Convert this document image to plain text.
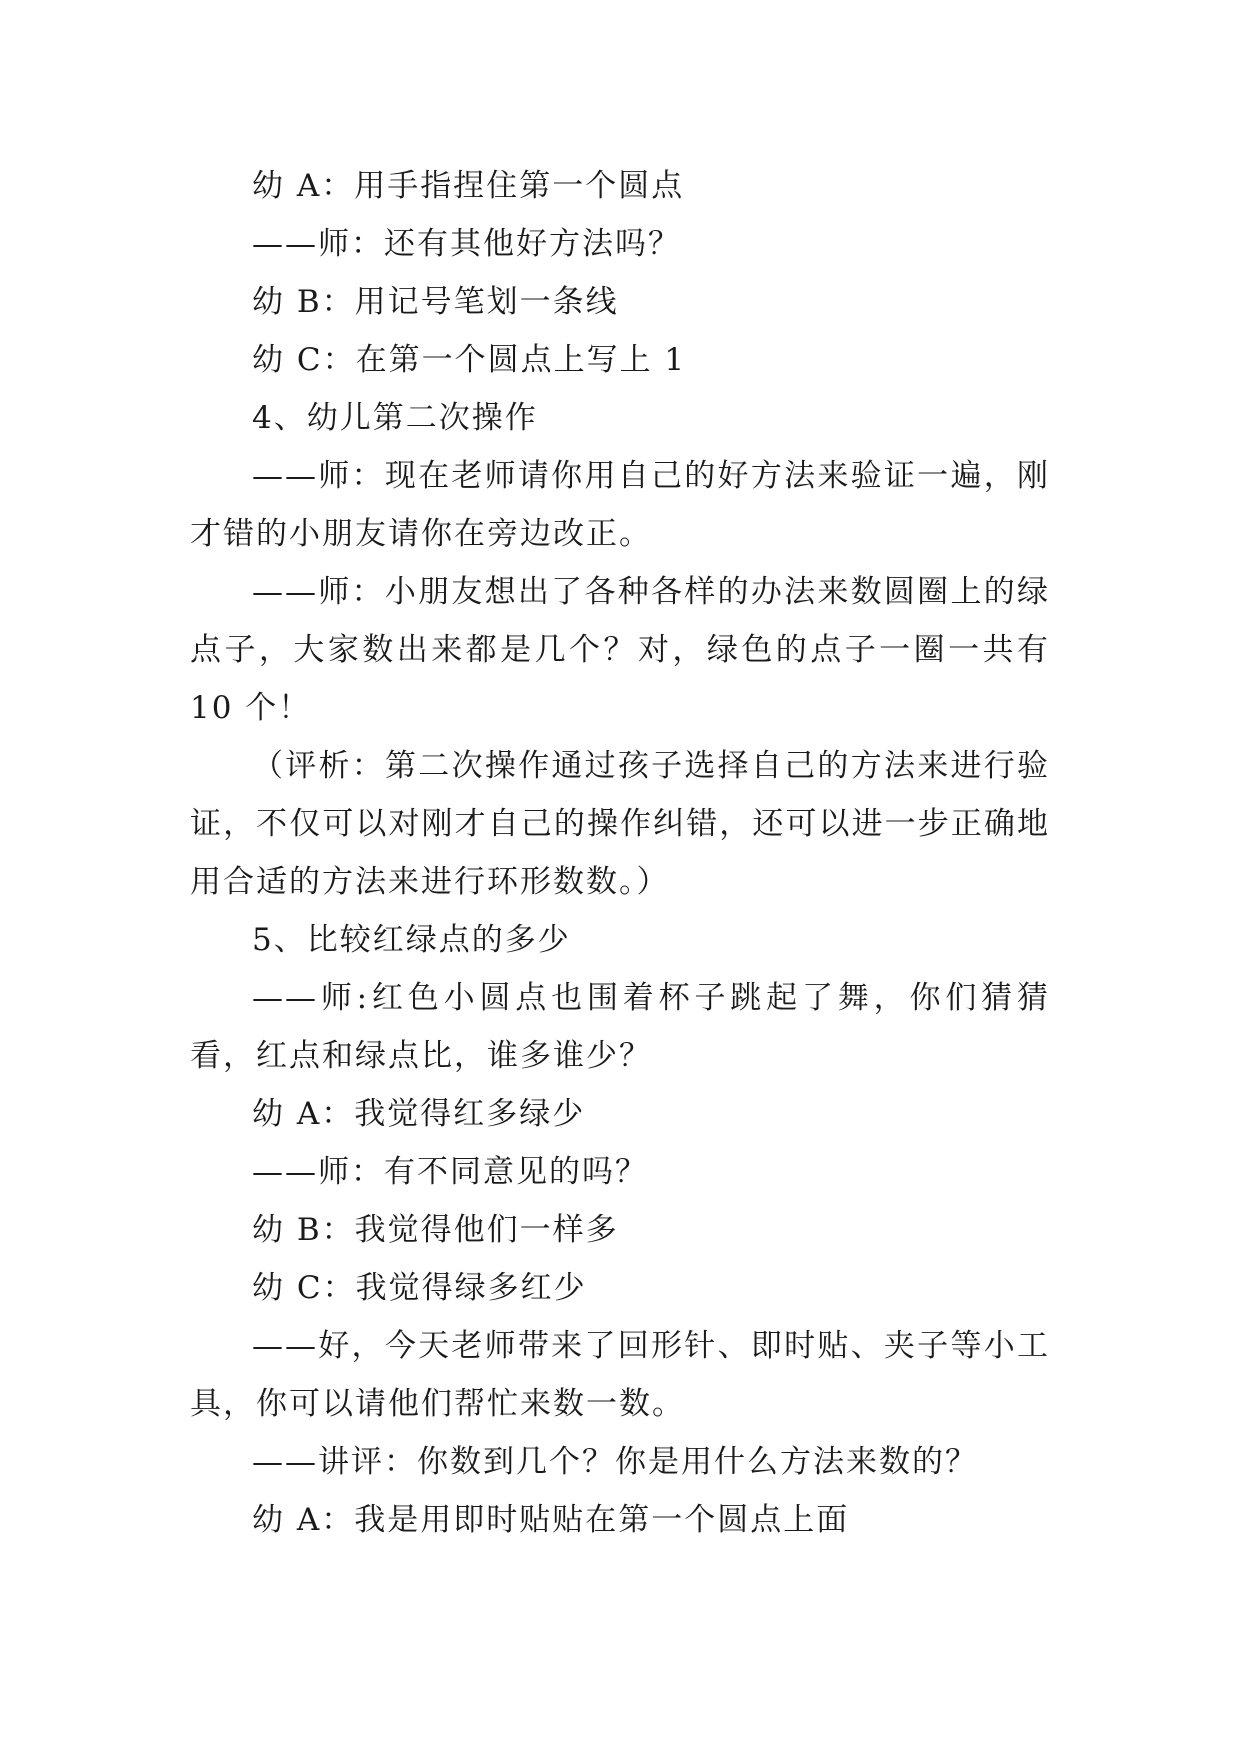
幼 A：用手指捏住第一个圆点

——师：还有其他好方法吗？

幼 B：用记号笔划一条线

幼 C：在第一个圆点上写上 1

4、幼儿第二次操作

——师：现在老师请你用自己的好方法来验证一遍，刚才错的小朋友请你在旁边改正。

——师：小朋友想出了各种各样的办法来数圆圈上的绿点子，大家数出来都是几个？对，绿色的点子一圈一共有 10 个！

（评析：第二次操作通过孩子选择自己的方法来进行验证，不仅可以对刚才自己的操作纠错，还可以进一步正确地用合适的方法来进行环形数数。）

5、比较红绿点的多少

——师:红色小圆点也围着杯子跳起了舞，你们猜猜看，红点和绿点比，谁多谁少？

幼 A：我觉得红多绿少

——师：有不同意见的吗？

幼 B：我觉得他们一样多

幼 C：我觉得绿多红少

——好，今天老师带来了回形针、即时贴、夹子等小工具，你可以请他们帮忙来数一数。

——讲评：你数到几个？你是用什么方法来数的？

幼 A：我是用即时贴贴在第一个圆点上面
